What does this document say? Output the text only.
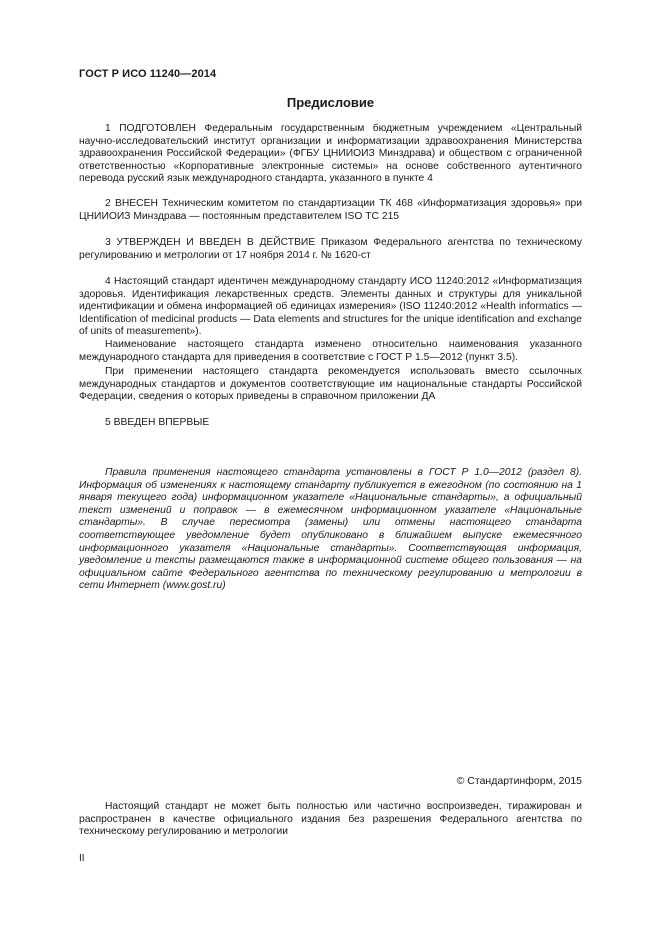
ГОСТ Р ИСО 11240—2014
Предисловие

1 ПОДГОТОВЛЕН Федеральным государственным бюджетным учреждением «Центральный научно-исследовательский институт организации и информатизации здравоохранения Министерства здравоохранения Российской Федерации» (ФГБУ ЦНИИОИЗ Минздрава) и обществом с ограниченной ответственностью «Корпоративные электронные системы» на основе собственного аутентичного перевода русский язык международного стандарта, указанного в пункте 4

2 ВНЕСЕН Техническим комитетом по стандартизации ТК 468 «Информатизация здоровья» при ЦНИИОИЗ Минздрава — постоянным представителем ISO ТС 215

3 УТВЕРЖДЕН И ВВЕДЕН В ДЕЙСТВИЕ Приказом Федерального агентства по техническому регулированию и метрологии от 17 ноября 2014 г. № 1620-ст

4 Настоящий стандарт идентичен международному стандарту ИСО 11240:2012 «Информатизация здоровья. Идентификация лекарственных средств. Элементы данных и структуры для уникальной идентификации и обмена информацией об единицах измерения» (ISO 11240:2012 «Health informatics — Identification of medicinal products — Data elements and structures for the unique identification and exchange of units of measurement»).

Наименование настоящего стандарта изменено относительно наименования указанного международного стандарта для приведения в соответствие с ГОСТ Р 1.5—2012 (пункт 3.5).

При применении настоящего стандарта рекомендуется использовать вместо ссылочных международных стандартов и документов соответствующие им национальные стандарты Российской Федерации, сведения о которых приведены в справочном приложении ДА

5 ВВЕДЕН ВПЕРВЫЕ

Правила применения настоящего стандарта установлены в ГОСТ Р 1.0—2012 (раздел 8). Информация об изменениях к настоящему стандарту публикуется в ежегодном (по состоянию на 1 января текущего года) информационном указателе «Национальные стандарты», а официальный текст изменений и поправок — в ежемесячном информационном указателе «Национальные стандарты». В случае пересмотра (замены) или отмены настоящего стандарта соответствующее уведомление будет опубликовано в ближайшем выпуске ежемесячного информационного указателя «Национальные стандарты». Соответствующая информация, уведомление и тексты размещаются также в информационной системе общего пользования — на официальном сайте Федерального агентства по техническому регулированию и метрологии в сети Интернет (www.gost.ru)

© Стандартинформ, 2015

Настоящий стандарт не может быть полностью или частично воспроизведен, тиражирован и распространен в качестве официального издания без разрешения Федерального агентства по техническому регулированию и метрологии

II
